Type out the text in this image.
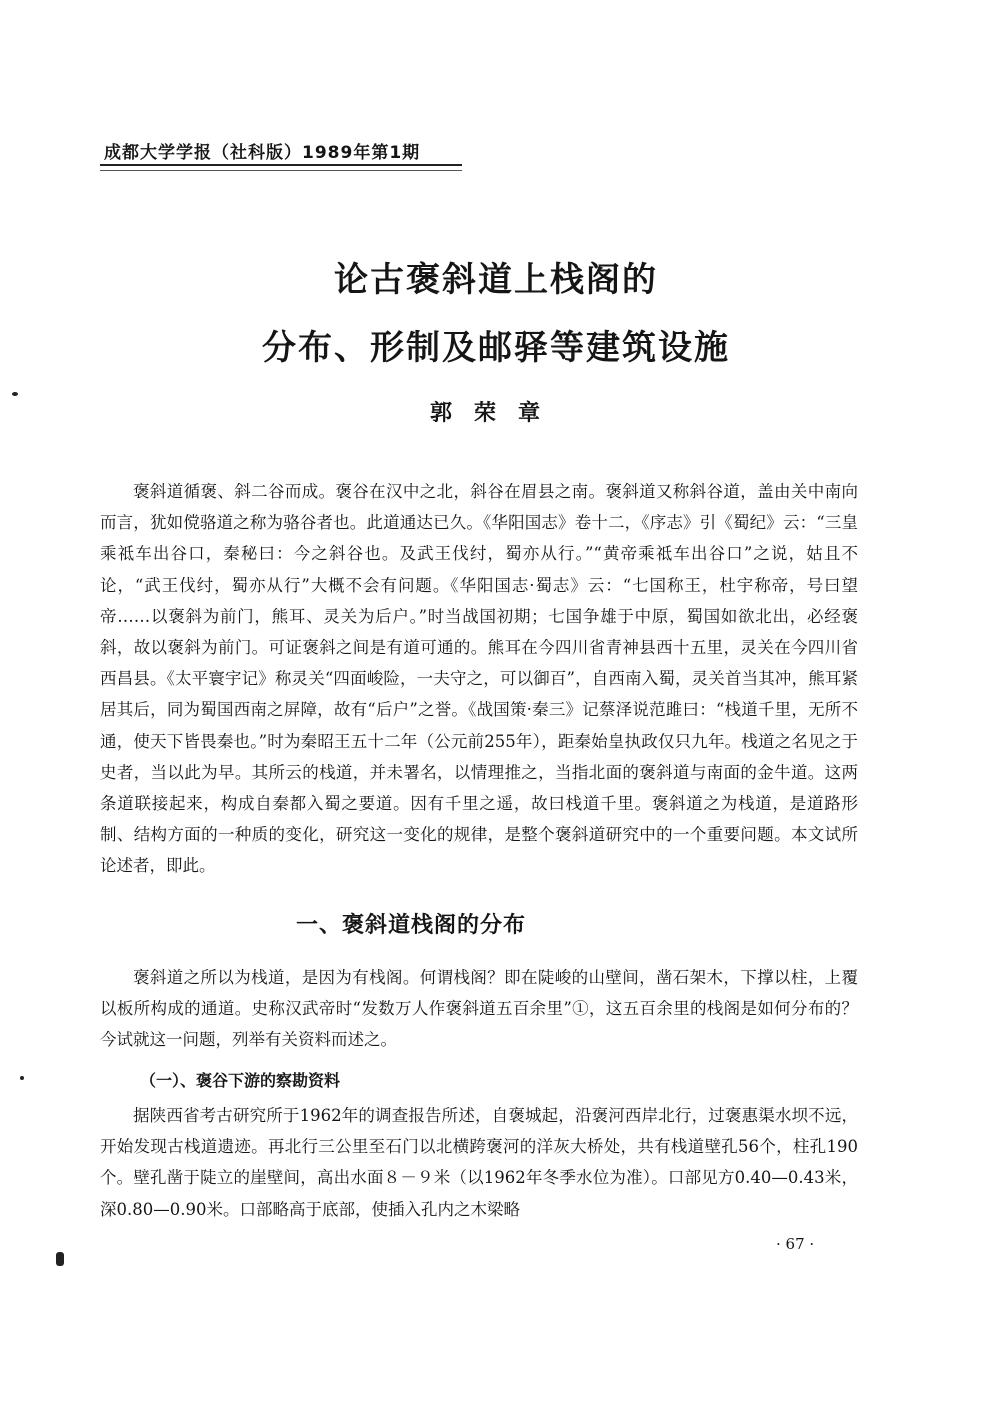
成都大学学报（社科版）1989年第1期
论古褒斜道上栈阁的
分布、形制及邮驿等建筑设施
郭荣章
褒斜道循褒、斜二谷而成。褒谷在汉中之北，斜谷在眉县之南。褒斜道又称斜谷道，盖由关中南向而言，犹如傥骆道之称为骆谷者也。此道通达已久。《华阳国志》卷十二，《序志》引《蜀纪》云：“三皇乘祗车出谷口，秦秘曰：今之斜谷也。及武王伐纣，蜀亦从行。”“黄帝乘祗车出谷口”之说，姑且不论，“武王伐纣，蜀亦从行”大概不会有问题。《华阳国志·蜀志》云：“七国称王，杜宇称帝，号曰望帝……以褒斜为前门，熊耳、灵关为后户。”时当战国初期；七国争雄于中原，蜀国如欲北出，必经褒斜，故以褒斜为前门。可证褒斜之间是有道可通的。熊耳在今四川省青神县西十五里，灵关在今四川省西昌县。《太平寰宇记》称灵关“四面峻险，一夫守之，可以御百”，自西南入蜀，灵关首当其冲，熊耳紧居其后，同为蜀国西南之屏障，故有“后户”之誉。《战国策·秦三》记蔡泽说范雎曰：“栈道千里，无所不通，使天下皆畏秦也。”时为秦昭王五十二年（公元前255年），距秦始皇执政仅只九年。栈道之名见之于史者，当以此为早。其所云的栈道，并未署名，以情理推之，当指北面的褒斜道与南面的金牛道。这两条道联接起来，构成自秦都入蜀之要道。因有千里之遥，故曰栈道千里。褒斜道之为栈道，是道路形制、结构方面的一种质的变化，研究这一变化的规律，是整个褒斜道研究中的一个重要问题。本文试所论述者，即此。
一、褒斜道栈阁的分布
褒斜道之所以为栈道，是因为有栈阁。何谓栈阁？即在陡峻的山壁间，凿石架木，下撑以柱，上覆以板所构成的通道。史称汉武帝时“发数万人作褒斜道五百余里”①，这五百余里的栈阁是如何分布的？今试就这一问题，列举有关资料而述之。
（一）、褒谷下游的察勘资料
据陕西省考古研究所于1962年的调查报告所述，自褒城起，沿褒河西岸北行，过褒惠渠水坝不远，开始发现古栈道遗迹。再北行三公里至石门以北横跨褒河的洋灰大桥处，共有栈道壁孔56个，柱孔190个。壁孔凿于陡立的崖壁间，高出水面８－９米（以1962年冬季水位为准）。口部见方0.40—0.43米，深0.80—0.90米。口部略高于底部，使插入孔内之木梁略
· 67 ·
